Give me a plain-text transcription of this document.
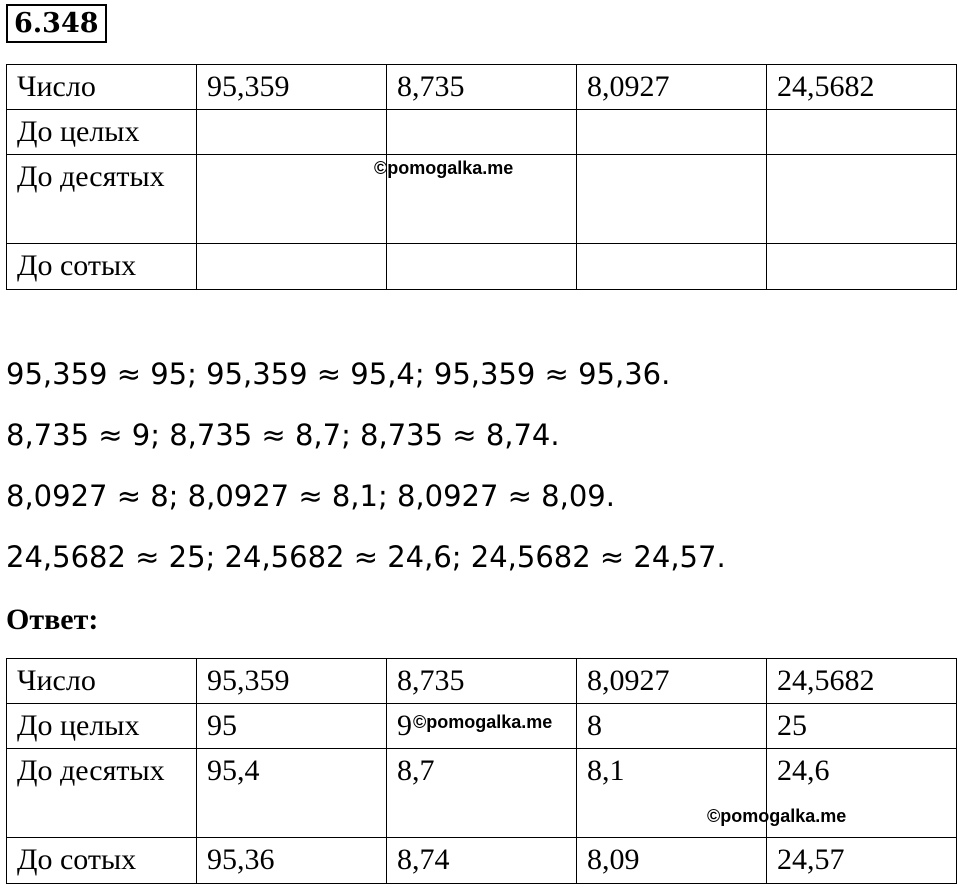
6.348
Число	95,359	8,735	8,0927	24,5682
До целых				
До десятых				
До сотых				
95,359 ≈ 95; 95,359 ≈ 95,4; 95,359 ≈ 95,36.
8,735 ≈ 9; 8,735 ≈ 8,7; 8,735 ≈ 8,74.
8,0927 ≈ 8; 8,0927 ≈ 8,1; 8,0927 ≈ 8,09.
24,5682 ≈ 25; 24,5682 ≈ 24,6; 24,5682 ≈ 24,57.
Ответ:
Число	95,359	8,735	8,0927	24,5682
До целых	95	9	8	25
До десятых	95,4	8,7	8,1	24,6
До сотых	95,36	8,74	8,09	24,57
©pomogalka.me
©pomogalka.me
©pomogalka.me
